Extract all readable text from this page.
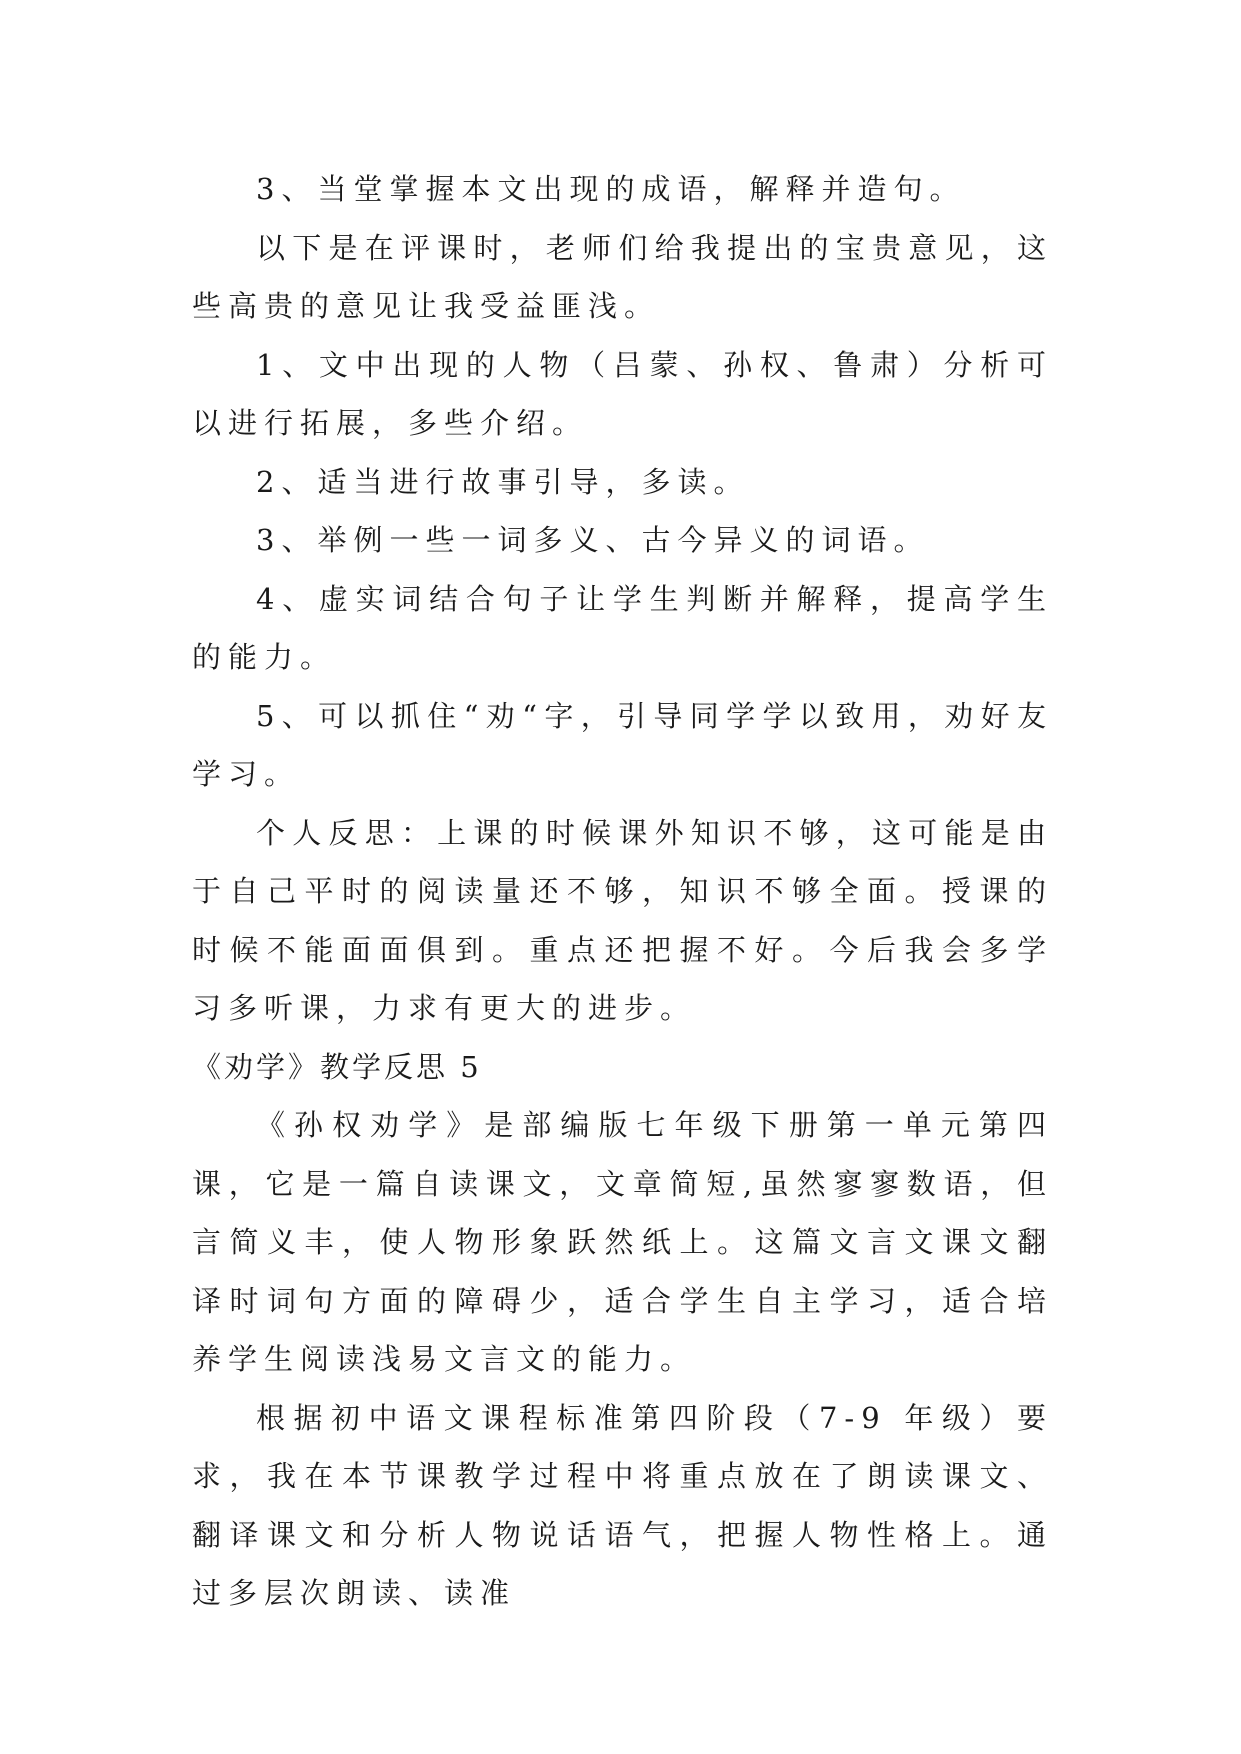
3、当堂掌握本文出现的成语，解释并造句。

以下是在评课时，老师们给我提出的宝贵意见，这些高贵的意见让我受益匪浅。

1、文中出现的人物（吕蒙、孙权、鲁肃）分析可以进行拓展，多些介绍。

2、适当进行故事引导，多读。

3、举例一些一词多义、古今异义的词语。

4、虚实词结合句子让学生判断并解释，提高学生的能力。

5、可以抓住“劝“字，引导同学学以致用，劝好友学习。

个人反思：上课的时候课外知识不够，这可能是由于自己平时的阅读量还不够，知识不够全面。授课的时候不能面面俱到。重点还把握不好。今后我会多学习多听课，力求有更大的进步。

《劝学》教学反思 5

《孙权劝学》是部编版七年级下册第一单元第四课，它是一篇自读课文，文章简短,虽然寥寥数语，但言简义丰，使人物形象跃然纸上。这篇文言文课文翻译时词句方面的障碍少，适合学生自主学习，适合培养学生阅读浅易文言文的能力。

根据初中语文课程标准第四阶段（7-9 年级）要求，我在本节课教学过程中将重点放在了朗读课文、翻译课文和分析人物说话语气，把握人物性格上。通过多层次朗读、读准
